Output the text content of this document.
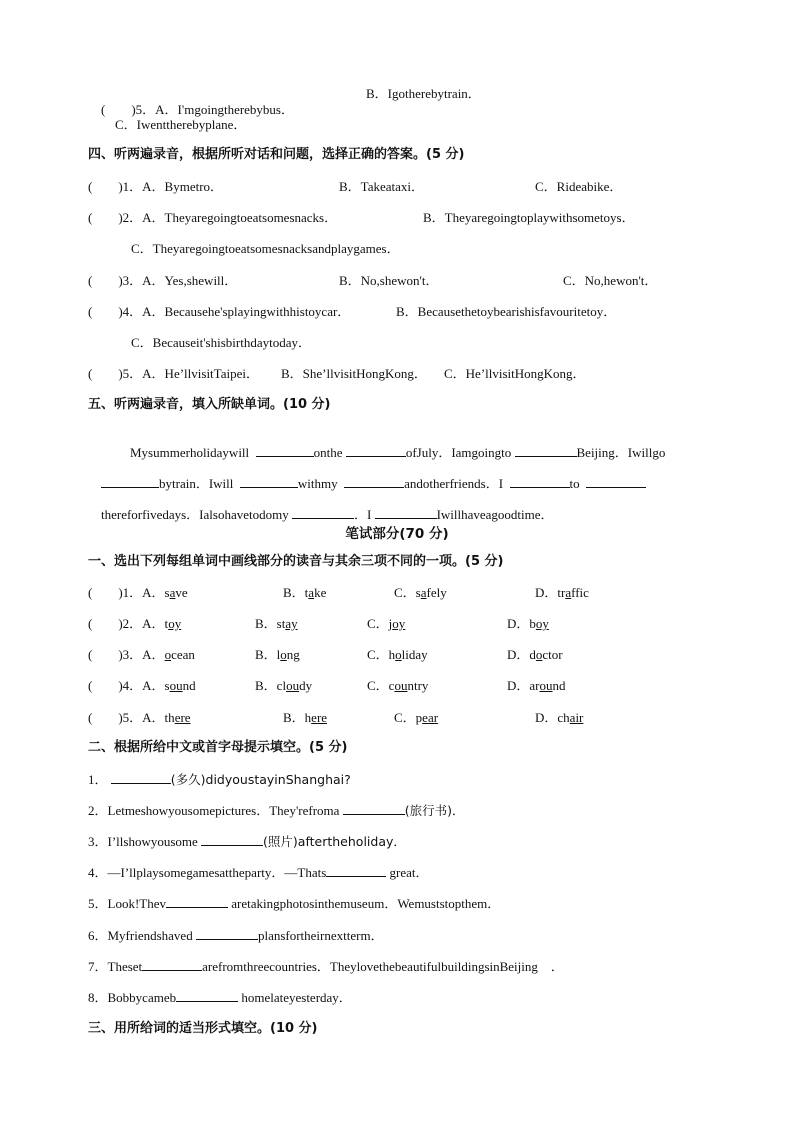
(　　)5．A．I'mgoingtherebybus．

B．Igotherebytrain．
C．Iwenttherebyplane．
四、听两遍录音，根据所听对话和问题，选择正确的答案。(5 分)
(　　)1．A．Bymetro．	B．Takeataxi．	C．Rideabike．
(　　)2．A．Theyaregoingtoeatsomesnacks．	B．Theyaregoingtoplaywithsometoys．
C．Theyaregoingtoeatsomesnacksandplaygames．
(　　)3．A．Yes,shewill．	B．No,shewon't．	C．No,hewon't．
(　　)4．A．Becausehe'splayingwithhistoycar．	B．Becausethetoybearishisfavouritetoy．
C．Becauseit'shisbirthdaytoday．
(　　)5．A．He’llvisitTaipei． B．She’llvisitHongKong． C．He’llvisitHongKong．
五、听两遍录音，填入所缺单词。(10 分)

Mysummerholidaywill	onthe	ofJuly．Iamgoingto	Beijing．Iwillgo

bytrain．Iwill	withmy	andotherfriends．I	to

thereforfivedays．Ialsohavetodomy	．I	Iwillhaveagoodtime．

笔试部分(70 分)
一、选出下列每组单词中画线部分的读音与其余三项不同的一项。(5 分)
(　　)1．A．save	B．take	C．safely	D．traffic
(　　)2．A．toy	B．stay	C．joy	D．boy
(　　)3．A．ocean	B．long	C．holiday	D．doctor
(　　)4．A．sound	B．cloudy	C．country	D．around
(　　)5．A．there	B．here	C．pear	D．chair
二、根据所给中文或首字母提示填空。(5 分)
1．	(多久)didyoustayinShanghai?
2．Letmeshowyousomepictures．They'refroma	(旅行书)．
3．I’llshowyousome	(照片)aftertheholiday．
4．—I’llplaysomegamesattheparty．—Thats	great．
5．Look!Thev	aretakingphotosinthemuseum．Wemuststopthem．
6．Myfriendshaved	plansfortheirnextterm．
7．Theset	arefromthreecountries．TheylovethebeautifulbuildingsinBeijing ．
8．Bobbycameb	homelateyesterday．
三、用所给词的适当形式填空。(10 分)
